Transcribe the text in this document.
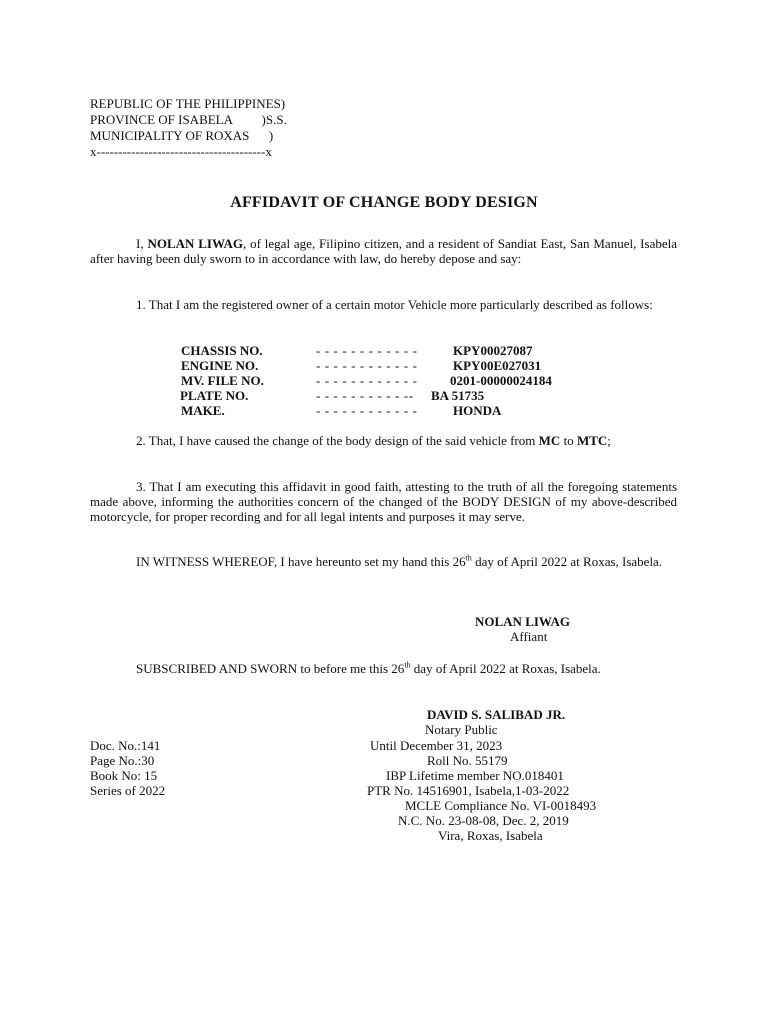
REPUBLIC OF THE PHILIPPINES)
PROVINCE OF ISABELA         )S.S.
MUNICIPALITY OF ROXAS      )
x---------------------------------------x
AFFIDAVIT OF CHANGE BODY DESIGN
I, NOLAN LIWAG, of legal age, Filipino citizen, and a resident of Sandiat East, San Manuel, Isabela after having been duly sworn to in accordance with law, do hereby depose and say:
1. That I am the registered owner of a certain motor Vehicle more particularly described as follows:
CHASSIS NO.	- - - - - - - - - - - -	KPY00027087
ENGINE NO.	- - - - - - - - - - - -	KPY00E027031
MV. FILE NO.	- - - - - - - - - - - -	0201-00000024184
PLATE NO.	- - - - - - - - - - -- BA 51735
MAKE.	- - - - - - - - - - - -	HONDA
2. That, I have caused the change of the body design of the said vehicle from MC to MTC;
3. That I am executing this affidavit in good faith, attesting to the truth of all the foregoing statements made above, informing the authorities concern of the changed of the BODY DESIGN of my above-described motorcycle, for proper recording and for all legal intents and purposes it may serve.
IN WITNESS WHEREOF, I have hereunto set my hand this 26th day of April 2022 at Roxas, Isabela.
NOLAN LIWAG
Affiant
SUBSCRIBED AND SWORN to before me this 26th day of April 2022 at Roxas, Isabela.
DAVID S. SALIBAD JR.
Notary Public
Until December 31, 2023
Roll No. 55179
IBP Lifetime member NO.018401
PTR No. 14516901, Isabela,1-03-2022
MCLE Compliance No. VI-0018493
N.C. No. 23-08-08, Dec. 2, 2019
Vira, Roxas, Isabela
Doc. No.:141
Page No.:30
Book No: 15
Series of 2022
